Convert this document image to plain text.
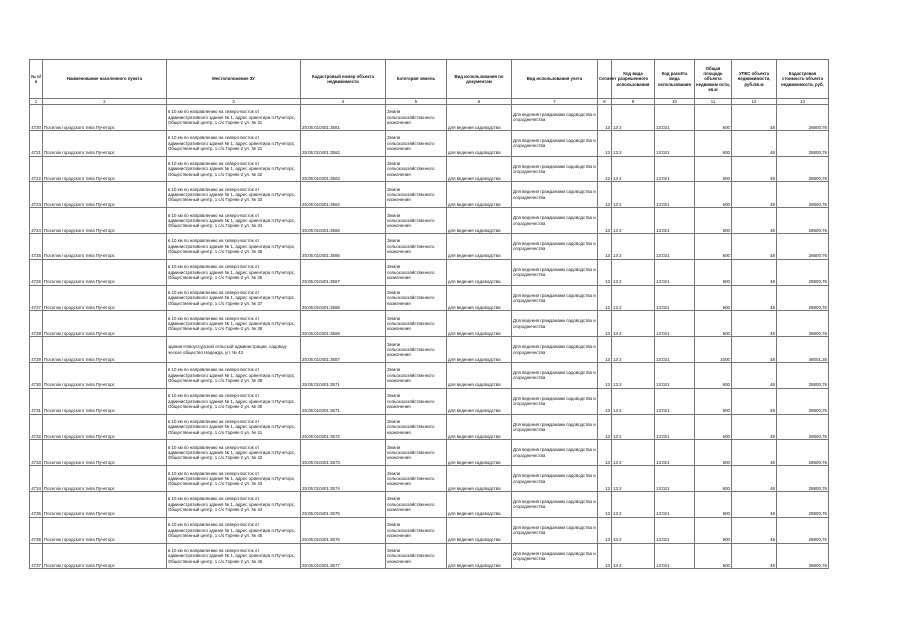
№ п/п	Наименование населенного пункта	Местоположение ЗУ	Кадастровый номер объекта недвижимости	Категория земель	Вид использования по документам	Вид использования учета	Сегмент	Код вида разрешенного использования	Код расчёта вида использования	Общая площадь объекта недвижим ости, кв.м	УПКС объекта недвижимости, руб./кв.м	Кадастровая стоимость объекта недвижимости, руб.
1	2	3	4	5	6	7	8	9	10	11	12	13
4720	Поселок городского типа Пучеторс	в 10 км по направлению на северо-восток от административного здания № 1, адрес ориентира п.Пучеторс, Общественный центр, 1 с/о Горняк-2 ул. № 31	25:05:010401:3561	Земли сельскохозяйственного назначения	для ведения садоводства	Для ведения гражданами садоводства и огородничества	13	13 2	13:021	600	48	28800,76
4721	Поселок городского типа Пучеторс	в 10 км по направлению на северо-восток от административного здания № 1, адрес ориентира п.Пучеторс, Общественный центр, 1 с/о Горняк-2 ул. № 31	25:05:010401:3562	Земли сельскохозяйственного назначения	для ведения садоводства	Для ведения гражданами садоводства и огородничества	13	13 2	13:021	600	48	28800,76
4722	Поселок городского типа Пучеторс	в 10 км по направлению на северо-восток от административного здания № 1, адрес ориентира п.Пучеторс, Общественный центр, 1 с/о Горняк-2 ул. № 32	25:05:010401:3563	Земли сельскохозяйственного назначения	для ведения садоводства	Для ведения гражданами садоводства и огородничества	13	13 2	13:021	600	48	28800,76
4723	Поселок городского типа Пучеторс	в 10 км по направлению на северо-восток от административного здания № 1, адрес ориентира п.Пучеторс, Общественный центр, 1 с/о Горняк-2 ул. № 33	25:05:010401:3564	Земли сельскохозяйственного назначения	для ведения садоводства	Для ведения гражданами садоводства и огородничества	13	13 2	13:021	600	48	28800,76
4724	Поселок городского типа Пучеторс	в 10 км по направлению на северо-восток от административного здания № 1, адрес ориентира п.Пучеторс, Общественный центр, 1 с/о Горняк-2 ул. № 34	25:05:010401:3565	Земли сельскохозяйственного назначения	для ведения садоводства	Для ведения гражданами садоводства и огородничества	13	13 2	13:021	600	48	28800,76
4725	Поселок городского типа Пучеторс	в 10 км по направлению на северо-восток от административного здания № 1, адрес ориентира п.Пучеторс, Общественный центр, 1 с/о Горняк-2 ул. № 35	25:05:010401:3566	Земли сельскохозяйственного назначения	для ведения садоводства	Для ведения гражданами садоводства и огородничества	13	13 2	13:021	600	48	28800,76
4726	Поселок городского типа Пучеторс	в 10 км по направлению на северо-восток от административного здания № 1, адрес ориентира п.Пучеторс, Общественный центр, 1 с/о Горняк-2 ул. № 36	25:05:010401:3567	Земли сельскохозяйственного назначения	для ведения садоводства	Для ведения гражданами садоводства и огородничества	13	13 2	13:021	600	48	28800,76
4727	Поселок городского типа Пучеторс	в 10 км по направлению на северо-восток от административного здания № 1, адрес ориентира п.Пучеторс, Общественный центр, 1 с/о Горняк-2 ул. № 37	25:05:010401:3568	Земли сельскохозяйственного назначения	для ведения садоводства	Для ведения гражданами садоводства и огородничества	13	13 2	13:021	600	48	28800,76
4728	Поселок городского типа Пучеторс	в 10 км по направлению на северо-восток от административного здания № 1, адрес ориентира п.Пучеторс, Общественный центр, 1 с/о Горняк-2 ул. № 38	25:05:010401:3569	Земли сельскохозяйственного назначения	для ведения садоводства	Для ведения гражданами садоводства и огородничества	13	13 2	13:021	600	48	28800,76
4729	Поселок городского типа Пучеторс	здания Новоуссурской сельской администрации, садовод-ческое общество Надежда, ул. № 43	25:05:010401:3557	Земли сельскохозяйственного назначения	для ведения садоводства	Для ведения гражданами садоводства и огородничества	13	13 2	13:021	1000	48	48001,26
4730	Поселок городского типа Пучеторс	в 10 км по направлению на северо-восток от административного здания № 1, адрес ориентира п.Пучеторс, Общественный центр, 1 с/о Горняк-2 ул. № 39	25:05:010401:3571	Земли сельскохозяйственного назначения	для ведения садоводства	Для ведения гражданами садоводства и огородничества	13	13 2	13:021	600	48	28800,76
4731	Поселок городского типа Пучеторс	в 10 км по направлению на северо-восток от административного здания № 1, адрес ориентира п.Пучеторс, Общественный центр, 1 с/о Горняк-2 ул. № 40	25:05:010401:3571	Земли сельскохозяйственного назначения	для ведения садоводства	Для ведения гражданами садоводства и огородничества	13	13 2	13:021	600	48	28800,76
4732	Поселок городского типа Пучеторс	в 10 км по направлению на северо-восток от административного здания № 1, адрес ориентира п.Пучеторс, Общественный центр, 1 с/о Горняк-2 ул. № 41	25:05:010401:3572	Земли сельскохозяйственного назначения	для ведения садоводства	Для ведения гражданами садоводства и огородничества	13	13 2	13:021	600	48	28800,76
4733	Поселок городского типа Пучеторс	в 10 км по направлению на северо-восток от административного здания № 1, адрес ориентира п.Пучеторс, Общественный центр, 1 с/о Горняк-2 ул. № 42	25:05:010401:3573	Земли сельскохозяйственного назначения	для ведения садоводства	Для ведения гражданами садоводства и огородничества	13	13 2	13:021	600	48	28800,76
4734	Поселок городского типа Пучеторс	в 10 км по направлению на северо-восток от административного здания № 1, адрес ориентира п.Пучеторс, Общественный центр, 1 с/о Горняк-2 ул. № 43	25:05:010401:3574	Земли сельскохозяйственного назначения	для ведения садоводства	Для ведения гражданами садоводства и огородничества	13	13 2	13:021	600	48	28800,76
4735	Поселок городского типа Пучеторс	в 10 км по направлению на северо-восток от административного здания № 1, адрес ориентира п.Пучеторс, Общественный центр, 1 с/о Горняк-2 ул. № 44	25:05:010401:3575	Земли сельскохозяйственного назначения	для ведения садоводства	Для ведения гражданами садоводства и огородничества	13	13 2	13:021	600	48	28800,76
4736	Поселок городского типа Пучеторс	в 10 км по направлению на северо-восток от административного здания № 1, адрес ориентира п.Пучеторс, Общественный центр, 1 с/о Горняк-2 ул. № 45	25:05:010401:3576	Земли сельскохозяйственного назначения	для ведения садоводства	Для ведения гражданами садоводства и огородничества	13	13 2	13:021	600	48	28800,76
4737	Поселок городского типа Пучеторс	в 10 км по направлению на северо-восток от административного здания № 1, адрес ориентира п.Пучеторс, Общественный центр, 1 с/о Горняк-2 ул. № 46	25:05:010401:3577	Земли сельскохозяйственного назначения	для ведения садоводства	Для ведения гражданами садоводства и огородничества	13	13 2	13:021	600	48	28800,76
